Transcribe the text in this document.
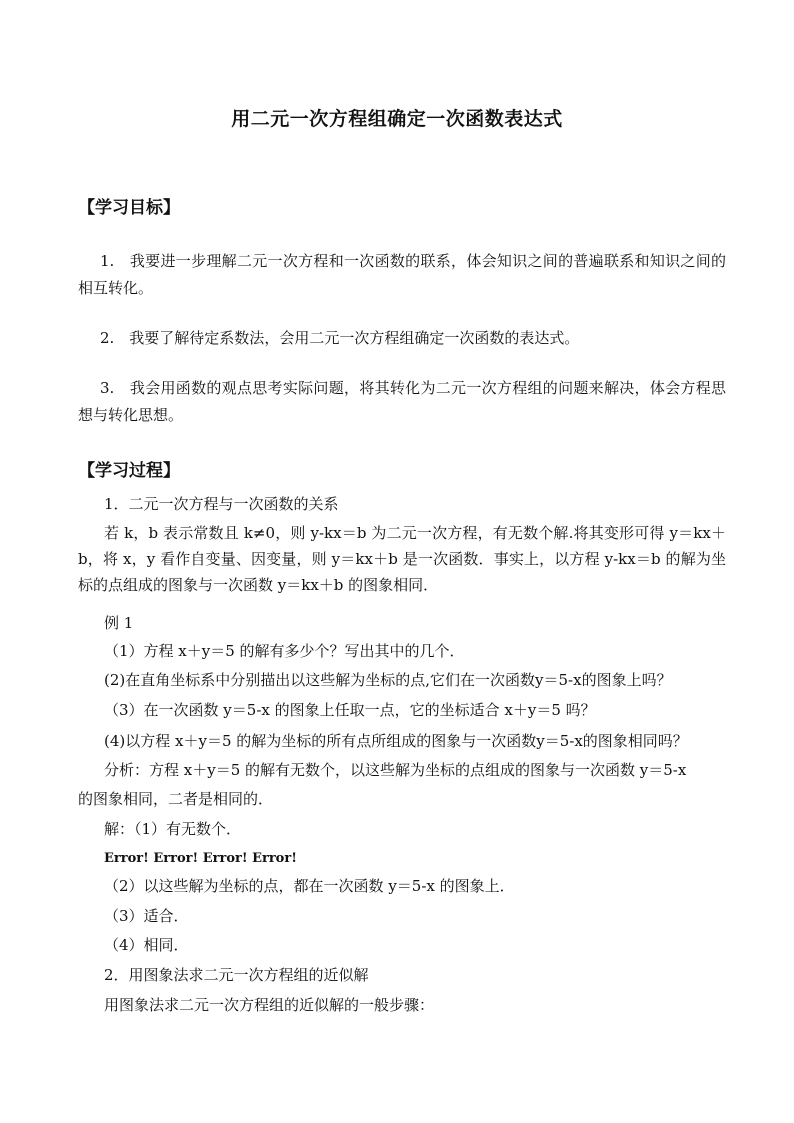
用二元一次方程组确定一次函数表达式
【学习目标】
1.　我要进一步理解二元一次方程和一次函数的联系，体会知识之间的普遍联系和知识之间的相互转化。
2.　我要了解待定系数法，会用二元一次方程组确定一次函数的表达式。
3.　我会用函数的观点思考实际问题，将其转化为二元一次方程组的问题来解决，体会方程思想与转化思想。
【学习过程】
1．二元一次方程与一次函数的关系
若 k，b 表示常数且 k≠0，则 y-kx＝b 为二元一次方程，有无数个解.将其变形可得 y＝kx＋b，将 x，y 看作自变量、因变量，则 y＝kx＋b 是一次函数．事实上，以方程 y-kx＝b 的解为坐标的点组成的图象与一次函数 y＝kx＋b 的图象相同．
例 1
（1）方程 x＋y＝5 的解有多少个？写出其中的几个．
(2)在直角坐标系中分别描出以这些解为坐标的点,它们在一次函数y＝5-x的图象上吗？
（3）在一次函数 y＝5-x 的图象上任取一点，它的坐标适合 x＋y＝5 吗？
(4)以方程 x＋y＝5 的解为坐标的所有点所组成的图象与一次函数y＝5-x的图象相同吗？
分析：方程 x＋y＝5 的解有无数个，以这些解为坐标的点组成的图象与一次函数 y＝5-x
的图象相同，二者是相同的．
解：（1）有无数个．
Error! Error! Error! Error!
（2）以这些解为坐标的点，都在一次函数 y＝5-x 的图象上．
（3）适合．
（4）相同．
2．用图象法求二元一次方程组的近似解
用图象法求二元一次方程组的近似解的一般步骤：
